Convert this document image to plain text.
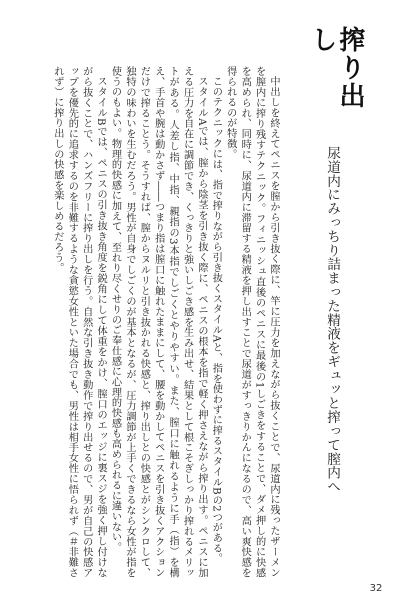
搾り出し
尿道内にみっちり詰まった精液をギュッと搾って膣内へ

中出しを終えてペニスを膣から引き抜く際に、竿に圧力を加えながら抜くことで、尿道内に残ったザーメンを膣内に搾り残すテクニック。フィニッシュ直後のペニスに最後の1しごきをすることで、ダメ押し的に快感を高められ、同時に、尿道内に滞留する精液を押し出すことで尿道がすっきりかんになるので、高い爽快感を得られるのが特徴。

このテクニックには、指で搾りながら引き抜くスタイルAと、指を使わずに搾るスタイルBの2つがある。

スタイルAでは、膣から陰茎を引き抜く際に、ペニスの根本を指で軽く押さえながら搾り出す。ペニスに加える圧力を自在に調節でき、くっきりと強いしごき感を生み出せ、結果として根こそぎしっかり搾れるメリットがある。人差し指、中指、親指の3本指でしごくとやりやすい。また、膣口に触れるように手（指）を構え、手首や腕は動かさず――つまり指は膣口に触れたままにして、腰を動かしてペニスを引き抜くアクションだけで搾ることう。そうすれば、膣からヌルリと引き抜かれる快感と、搾り出しとの快感とがシンクロして、独特の味わいを生むだろう。男性が自身でしごくのが基本となるが、圧力調節が上手くできるなら女性が指を使うのもよい。物理的快感に加えて、至れり尽くせりのご奉仕感に心理的快感も高められるに違いない。

スタイルBでは、ペニスの引き抜き角度を鋭角にして体重をかけ、膣口のエッジに裏スジを強く押し付けながら抜くことで、ハンズフリーに搾り出しを行う。自然な引き抜き動作で搾り出せるので、男が自己の快感アップを優先的に追求するのを非難するような貪慾女性といた場合でも、男性は相手女性に悟られず（＃非難されず）に搾り出しの快感を楽しめるだろう。

32
